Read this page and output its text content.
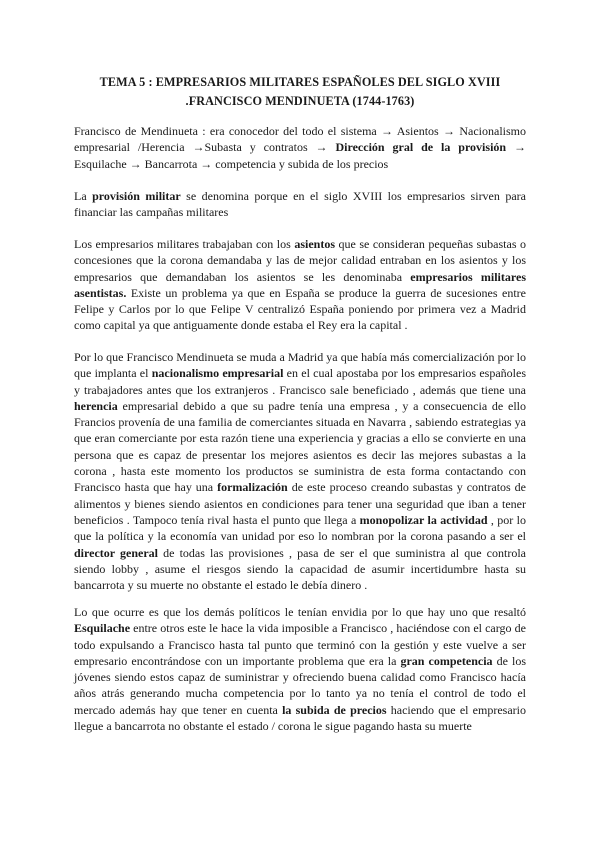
TEMA 5 : EMPRESARIOS MILITARES ESPAÑOLES DEL SIGLO XVIII
.FRANCISCO MENDINUETA (1744-1763)

Francisco de Mendinueta : era conocedor del todo el sistema → Asientos → Nacionalismo empresarial /Herencia →Subasta y contratos → Dirección gral de la provisión → Esquilache → Bancarrota → competencia y subida de los precios

La provisión militar se denomina porque en el siglo XVIII los empresarios sirven para financiar las campañas militares

Los empresarios militares trabajaban con los asientos que se consideran pequeñas subastas o concesiones que la corona demandaba y las de mejor calidad entraban en los asientos y los empresarios que demandaban los asientos se les denominaba empresarios militares asentistas. Existe un problema ya que en España se produce la guerra de sucesiones entre Felipe y Carlos por lo que Felipe V centralizó España poniendo por primera vez a Madrid como capital ya que antiguamente donde estaba el Rey era la capital .

Por lo que Francisco Mendinueta se muda a Madrid ya que había más comercialización por lo que implanta el nacionalismo empresarial en el cual apostaba por los empresarios españoles y trabajadores antes que los extranjeros . Francisco sale beneficiado , además que tiene una herencia empresarial debido a que su padre tenía una empresa , y a consecuencia de ello Francios provenía de una familia de comerciantes situada en Navarra , sabiendo estrategias ya que eran comerciante por esta razón tiene una experiencia y gracias a ello se convierte en una persona que es capaz de presentar los mejores asientos es decir las mejores subastas a la corona , hasta este momento los productos se suministra de esta forma contactando con Francisco hasta que hay una formalización de este proceso creando subastas y contratos de alimentos y bienes siendo asientos en condiciones para tener una seguridad que iban a tener beneficios . Tampoco tenía rival hasta el punto que llega a monopolizar la actividad , por lo que la política y la economía van unidad por eso lo nombran por la corona pasando a ser el director general de todas las provisiones , pasa de ser el que suministra al que controla siendo lobby , asume el riesgos siendo la capacidad de asumir incertidumbre hasta su bancarrota y su muerte no obstante el estado le debía dinero .

Lo que ocurre es que los demás políticos le tenían envidia por lo que hay uno que resaltó Esquilache entre otros este le hace la vida imposible a Francisco , haciéndose con el cargo de todo expulsando a Francisco hasta tal punto que terminó con la gestión y este vuelve a ser empresario encontrándose con un importante problema que era la gran competencia de los jóvenes siendo estos capaz de suministrar y ofreciendo buena calidad como Francisco hacía años atrás generando mucha competencia por lo tanto ya no tenía el control de todo el mercado además hay que tener en cuenta la subida de precios haciendo que el empresario llegue a bancarrota no obstante el estado / corona le sigue pagando hasta su muerte
